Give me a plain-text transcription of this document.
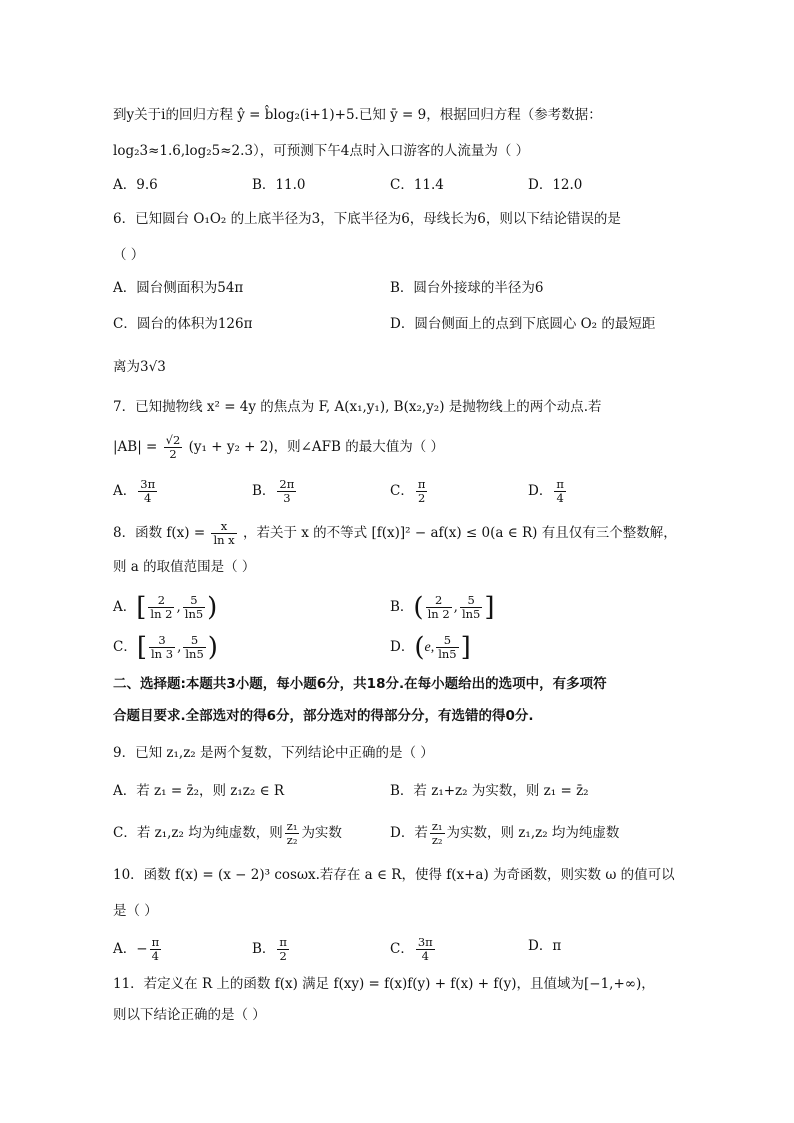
到y关于i的回归方程 ŷ = b̂log₂(i+1)+5.已知 ȳ = 9，根据回归方程（参考数据：
log₂3≈1.6,log₂5≈2.3），可预测下午4点时入口游客的人流量为（ ）
A．9.6	B．11.0	C．11.4	D．12.0
6．已知圆台 O₁O₂ 的上底半径为3，下底半径为6，母线长为6，则以下结论错误的是
（ ）
A．圆台侧面积为54π	B．圆台外接球的半径为6
C．圆台的体积为126π	D．圆台侧面上的点到下底圆心 O₂ 的最短距
离为3√3
7．已知抛物线 x² = 4y 的焦点为 F, A(x₁,y₁), B(x₂,y₂) 是抛物线上的两个动点.若
$|AB| = \frac{√2}{2} (y_1 + y_2 + 2)$，则∠AFB 的最大值为（ ）
A． $\frac{3\pi}{4}$	B． $\frac{2\pi}{3}$	C． $\frac{\pi}{2}$	D． $\frac{\pi}{4}$
8．函数 $f(x) = \frac{x}{\text{ln x}}$ ，若关于 x 的不等式 [f(x)]² − af(x) ≤ 0(a ∈ R) 有且仅有三个整数解，
则 a 的取值范围是（ ）
A．[ $\frac{2}{\ln 2}$ , $\frac{5}{\ln 5}$ )	B．( $\frac{2}{\ln 2}$ , $\frac{5}{\ln 5}$ ]
C．[ $\frac{3}{\ln 3}$ , $\frac{5}{\ln 5}$ )	D．(e, $\frac{5}{\ln 5}$ ]
二、选择题:本题共3小题，每小题6分，共18分.在每小题给出的选项中，有多项符
合题目要求.全部选对的得6分，部分选对的得部分分，有选错的得0分.
9．已知 z₁,z₂ 是两个复数，下列结论中正确的是（ ）
A．若 z₁ = z̄₂，则 z₁z₂ ∈ R	B．若 z₁+z₂ 为实数，则 z₁ = z̄₂
C．若 z₁,z₂ 均为纯虚数，则 $\frac{\text{z₁}}{\text{z₂}}$ 为实数	D．若 $\frac{\text{z₁}}{\text{z₂}}$ 为实数，则 z₁,z₂ 均为纯虚数
10．函数 f(x) = (x − 2)³ cosωx.若存在 a ∈ R，使得 f(x+a) 为奇函数，则实数 ω 的值可以
是（ ）
A．− $\frac{\pi}{4}$	B． $\frac{\pi}{2}$	C． $\frac{3\pi}{4}$	D．π
11．若定义在 R 上的函数 f(x) 满足 f(xy) = f(x)f(y) + f(x) + f(y)，且值域为[−1,+∞)，
则以下结论正确的是（ ）
